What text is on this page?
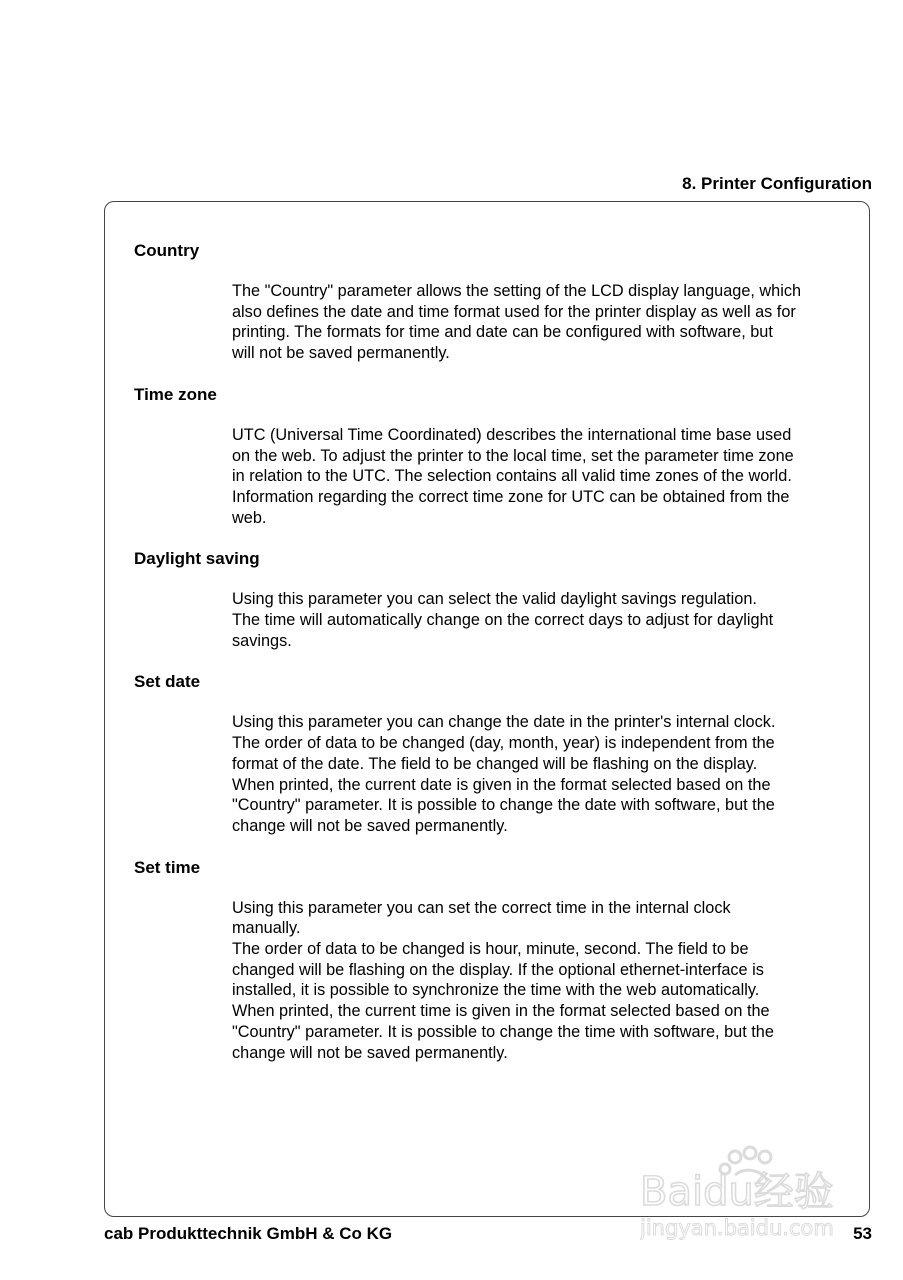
8. Printer Configuration
Country

The "Country" parameter allows the setting of the LCD display language, which
also defines the date and time format used for the printer display as well as for
printing. The formats for time and date can be configured with software, but
will not be saved permanently.

Time zone

UTC (Universal Time Coordinated) describes the international time base used
on the web. To adjust the printer to the local time, set the parameter time zone
in relation to the UTC. The selection contains all valid time zones of the world.
Information regarding the correct time zone for UTC can be obtained from the
web.

Daylight saving

Using this parameter you can select the valid daylight savings regulation.
The time will automatically change on the correct days to adjust for daylight
savings.

Set date

Using this parameter you can change the date in the printer's internal clock.
The order of data to be changed (day, month, year) is independent from the
format of the date. The field to be changed will be flashing on the display.
When printed, the current date is given in the format selected based on the
"Country" parameter. It is possible to change the date with software, but the
change will not be saved permanently.

Set time

Using this parameter you can set the correct time in the internal clock
manually.
The order of data to be changed is hour, minute, second. The field to be
changed will be flashing on the display. If the optional ethernet-interface is
installed, it is possible to synchronize the time with the web automatically.
When printed, the current time is given in the format selected based on the
"Country" parameter. It is possible to change the time with software, but the
change will not be saved permanently.

cab Produkttechnik GmbH & Co KG	53
Baidu经验
jingyan.baidu.com
